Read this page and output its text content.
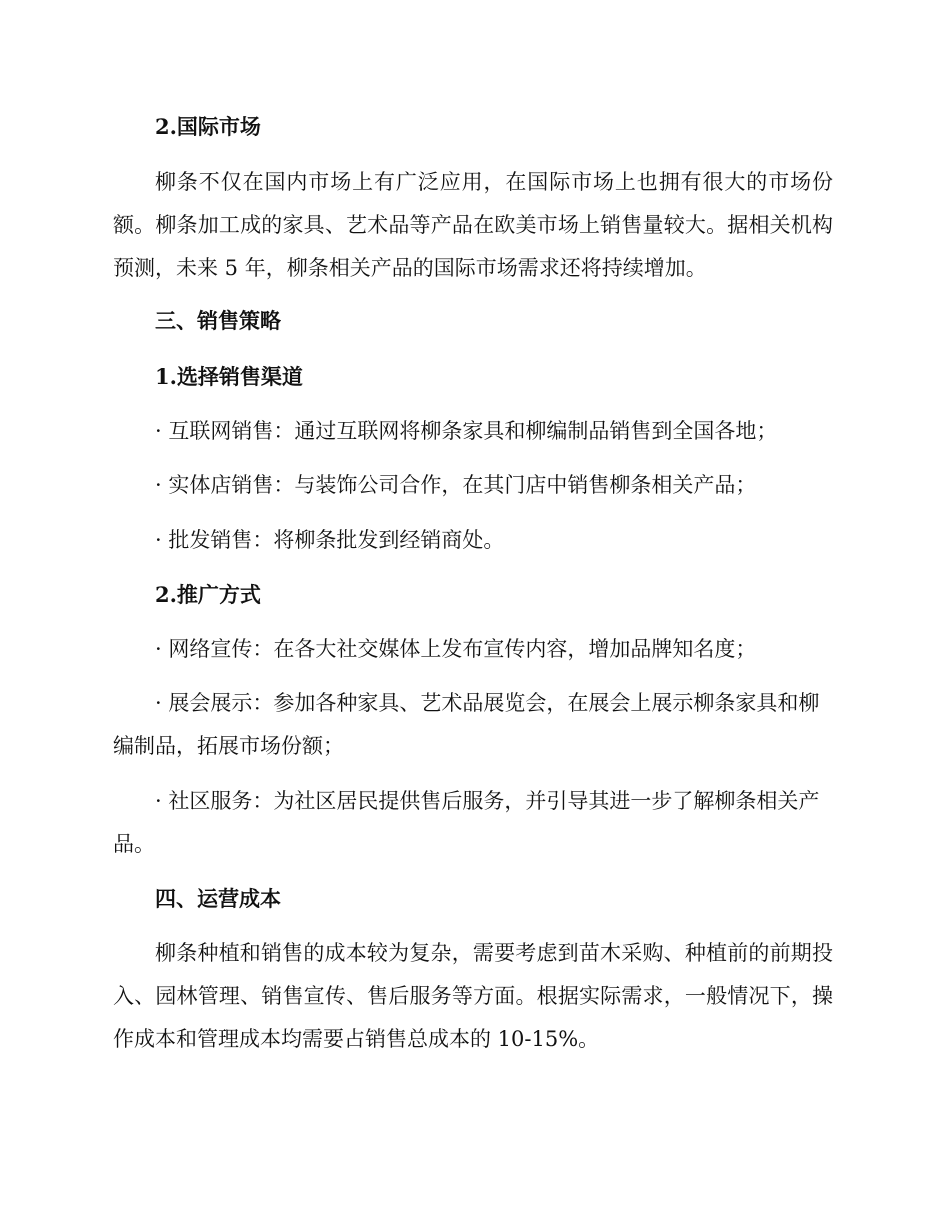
2.国际市场
柳条不仅在国内市场上有广泛应用，在国际市场上也拥有很大的市场份额。柳条加工成的家具、艺术品等产品在欧美市场上销售量较大。据相关机构预测，未来 5 年，柳条相关产品的国际市场需求还将持续增加。
三、销售策略
1.选择销售渠道
· 互联网销售：通过互联网将柳条家具和柳编制品销售到全国各地；
· 实体店销售：与装饰公司合作，在其门店中销售柳条相关产品；
· 批发销售：将柳条批发到经销商处。
2.推广方式
· 网络宣传：在各大社交媒体上发布宣传内容，增加品牌知名度；
· 展会展示：参加各种家具、艺术品展览会，在展会上展示柳条家具和柳编制品，拓展市场份额；
· 社区服务：为社区居民提供售后服务，并引导其进一步了解柳条相关产品。
四、运营成本
柳条种植和销售的成本较为复杂，需要考虑到苗木采购、种植前的前期投入、园林管理、销售宣传、售后服务等方面。根据实际需求，一般情况下，操作成本和管理成本均需要占销售总成本的 10-15%。
